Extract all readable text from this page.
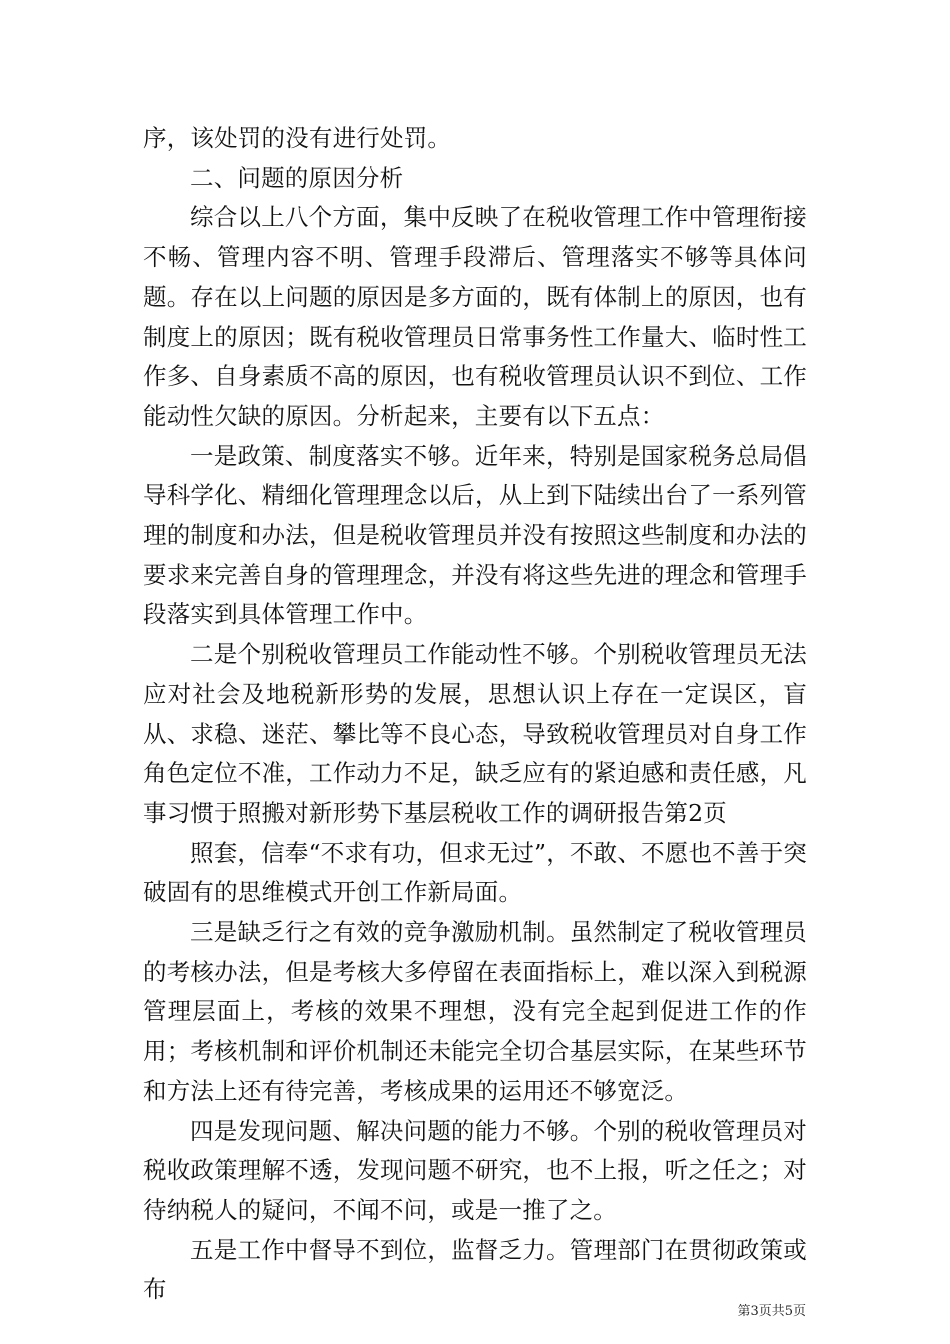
序，该处罚的没有进行处罚。

二、问题的原因分析

综合以上八个方面，集中反映了在税收管理工作中管理衔接不畅、管理内容不明、管理手段滞后、管理落实不够等具体问题。存在以上问题的原因是多方面的，既有体制上的原因，也有制度上的原因；既有税收管理员日常事务性工作量大、临时性工作多、自身素质不高的原因，也有税收管理员认识不到位、工作能动性欠缺的原因。分析起来，主要有以下五点：

一是政策、制度落实不够。近年来，特别是国家税务总局倡导科学化、精细化管理理念以后，从上到下陆续出台了一系列管理的制度和办法，但是税收管理员并没有按照这些制度和办法的要求来完善自身的管理理念，并没有将这些先进的理念和管理手段落实到具体管理工作中。

二是个别税收管理员工作能动性不够。个别税收管理员无法应对社会及地税新形势的发展，思想认识上存在一定误区，盲从、求稳、迷茫、攀比等不良心态，导致税收管理员对自身工作角色定位不准，工作动力不足，缺乏应有的紧迫感和责任感，凡事习惯于照搬对新形势下基层税收工作的调研报告第2页

照套，信奉“不求有功，但求无过”，不敢、不愿也不善于突破固有的思维模式开创工作新局面。

三是缺乏行之有效的竞争激励机制。虽然制定了税收管理员的考核办法，但是考核大多停留在表面指标上，难以深入到税源管理层面上，考核的效果不理想，没有完全起到促进工作的作用；考核机制和评价机制还未能完全切合基层实际，在某些环节和方法上还有待完善，考核成果的运用还不够宽泛。

四是发现问题、解决问题的能力不够。个别的税收管理员对税收政策理解不透，发现问题不研究，也不上报，听之任之；对待纳税人的疑问，不闻不问，或是一推了之。

五是工作中督导不到位，监督乏力。管理部门在贯彻政策或布

第3页共5页
